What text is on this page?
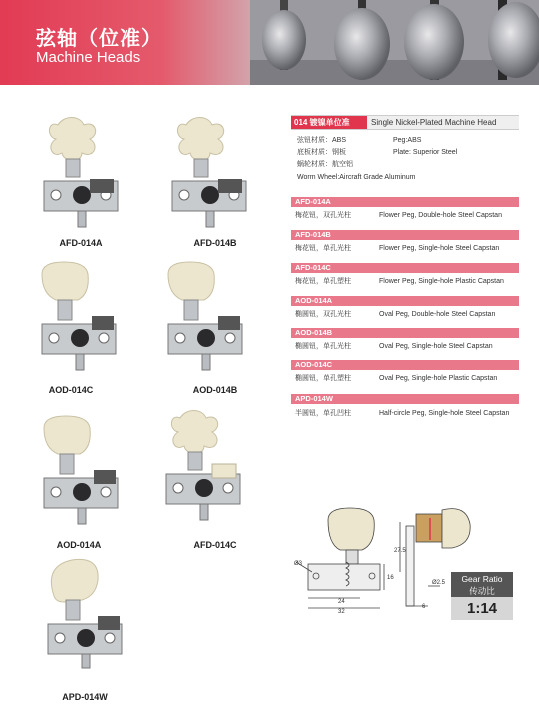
弦轴（位准）
Machine Heads
AFD-014A	AFD-014B
AOD-014C	AOD-014B
AOD-014A	AFD-014C
APD-014W
014 镀镍单位准	Single Nickel-Plated Machine Head
弦钮材质：ABS	Peg:ABS
底板材质：钢板	Plate: Superior Steel
蜗轮材质：航空铝
Worm Wheel:Aircraft Grade Aluminum
AFD-014A
梅花钮，双孔光柱	Flower Peg, Double-hole Steel Capstan
AFD-014B
梅花钮，单孔光柱	Flower Peg, Single-hole Steel Capstan
AFD-014C
梅花钮，单孔塑柱	Flower Peg, Single-hole Plastic Capstan
AOD-014A
椭圆钮，双孔光柱	Oval Peg, Double-hole Steel Capstan
AOD-014B
椭圆钮，单孔光柱	Oval Peg, Single-hole Steel Capstan
AOD-014C
椭圆钮，单孔塑柱	Oval Peg, Single-hole Plastic Capstan
APD-014W
半圆钮，单孔凹柱	Half-circle Peg, Single-hole Steel Capstan
Ø3
24
32
16
27.5
Ø2.5
6
Gear Ratio
传动比
1:14
